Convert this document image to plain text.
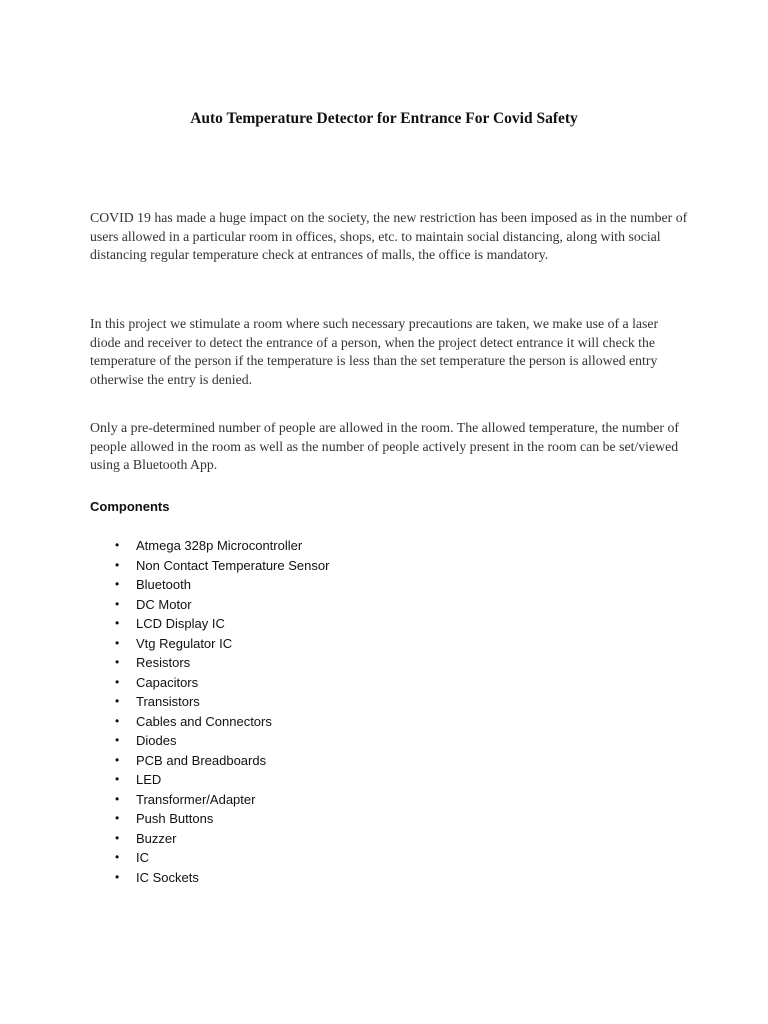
Auto Temperature Detector for Entrance For Covid Safety

COVID 19 has made a huge impact on the society, the new restriction has been imposed as in the number of users allowed in a particular room in offices, shops, etc. to maintain social distancing, along with social distancing regular temperature check at entrances of malls, the office is mandatory.

In this project we stimulate a room where such necessary precautions are taken, we make use of a laser diode and receiver to detect the entrance of a person, when the project detect entrance it will check the temperature of the person if the temperature is less than the set temperature the person is allowed entry otherwise the entry is denied.

Only a pre-determined number of people are allowed in the room. The allowed temperature, the number of people allowed in the room as well as the number of people actively present in the room can be set/viewed using a Bluetooth App.

Components
• Atmega 328p Microcontroller
• Non Contact Temperature Sensor
• Bluetooth
• DC Motor
• LCD Display IC
• Vtg Regulator IC
• Resistors
• Capacitors
• Transistors
• Cables and Connectors
• Diodes
• PCB and Breadboards
• LED
• Transformer/Adapter
• Push Buttons
• Buzzer
• IC
• IC Sockets
